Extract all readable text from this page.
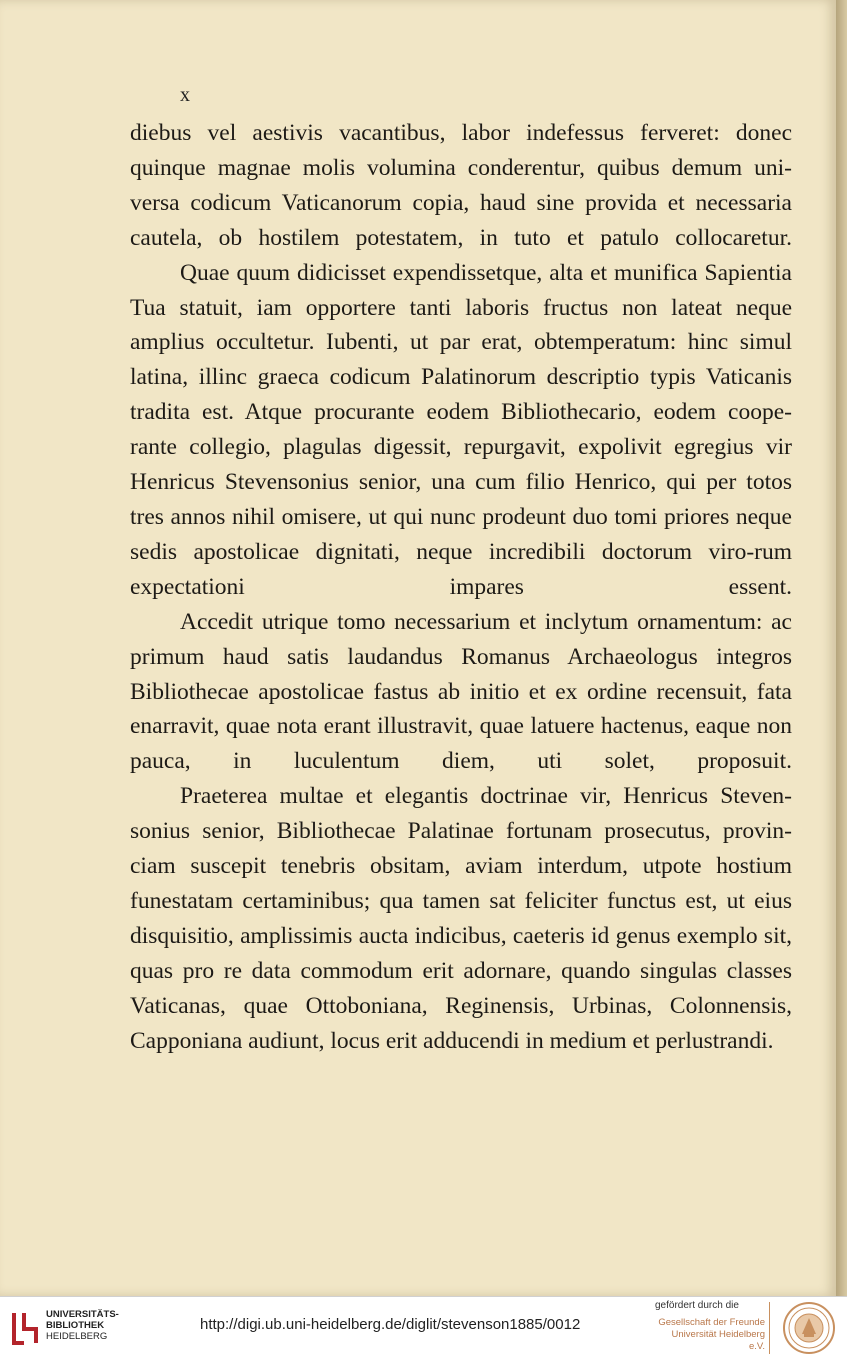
x

diebus vel aestivis vacantibus, labor indefessus ferveret: donec quinque magnae molis volumina conderentur, quibus demum uni-versa codicum Vaticanorum copia, haud sine provida et necessaria cautela, ob hostilem potestatem, in tuto et patulo collocaretur.

Quae quum didicisset expendissetque, alta et munifica Sapientia Tua statuit, iam opportere tanti laboris fructus non lateat neque amplius occultetur. Iubenti, ut par erat, obtemperatum: hinc simul latina, illinc graeca codicum Palatinorum descriptio typis Vaticanis tradita est. Atque procurante eodem Bibliothecario, eodem coope-rante collegio, plagulas digessit, repurgavit, expolivit egregius vir Henricus Stevensonius senior, una cum filio Henrico, qui per totos tres annos nihil omisere, ut qui nunc prodeunt duo tomi priores neque sedis apostolicae dignitati, neque incredibili doctorum viro-rum expectationi impares essent.

Accedit utrique tomo necessarium et inclytum ornamentum: ac primum haud satis laudandus Romanus Archaeologus integros Bibliothecae apostolicae fastus ab initio et ex ordine recensuit, fata enarravit, quae nota erant illustravit, quae latuere hactenus, eaque non pauca, in luculentum diem, uti solet, proposuit.

Praeterea multae et elegantis doctrinae vir, Henricus Steven-sonius senior, Bibliothecae Palatinae fortunam prosecutus, provin-ciam suscepit tenebris obsitam, aviam interdum, utpote hostium funestatam certaminibus; qua tamen sat feliciter functus est, ut eius disquisitio, amplissimis aucta indicibus, caeteris id genus exemplo sit, quas pro re data commodum erit adornare, quando singulas classes Vaticanas, quae Ottoboniana, Reginensis, Urbinas, Colonnensis, Capponiana audiunt, locus erit adducendi in medium et perlustrandi.

UNIVERSITÄTS-
BIBLIOTHEK
HEIDELBERG
http://digi.ub.uni-heidelberg.de/diglit/stevenson1885/0012
gefördert durch die
Gesellschaft der Freunde
Universität Heidelberg e.V.
